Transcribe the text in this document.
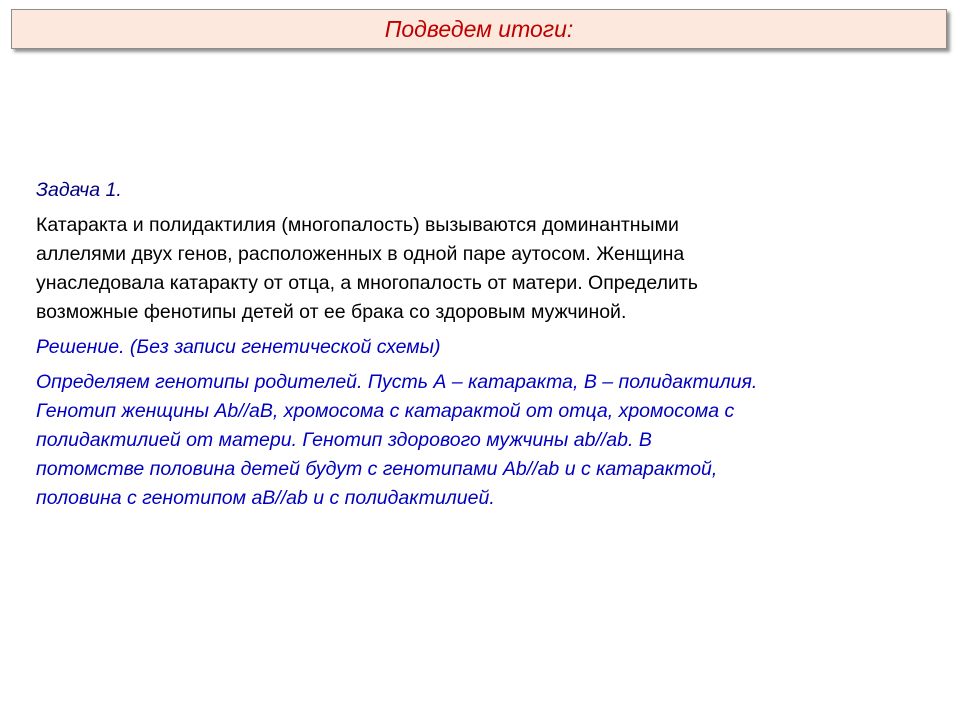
Подведем итоги:
Задача 1.
Катаракта и полидактилия (многопалость) вызываются доминантными
аллелями двух генов, расположенных в одной паре аутосом. Женщина
унаследовала катаракту от отца, а многопалость от матери. Определить
возможные фенотипы детей от ее брака со здоровым мужчиной.
Решение. (Без записи генетической схемы)
Определяем генотипы родителей. Пусть А – катаракта, В – полидактилия.
Генотип женщины Аb//аВ, хромосома с катарактой от отца, хромосома с
полидактилией от матери. Генотип здорового мужчины ab//ab. В
потомстве половина детей будут с генотипами Аb//ab и с катарактой,
половина с генотипом аВ//ab и с полидактилией.
